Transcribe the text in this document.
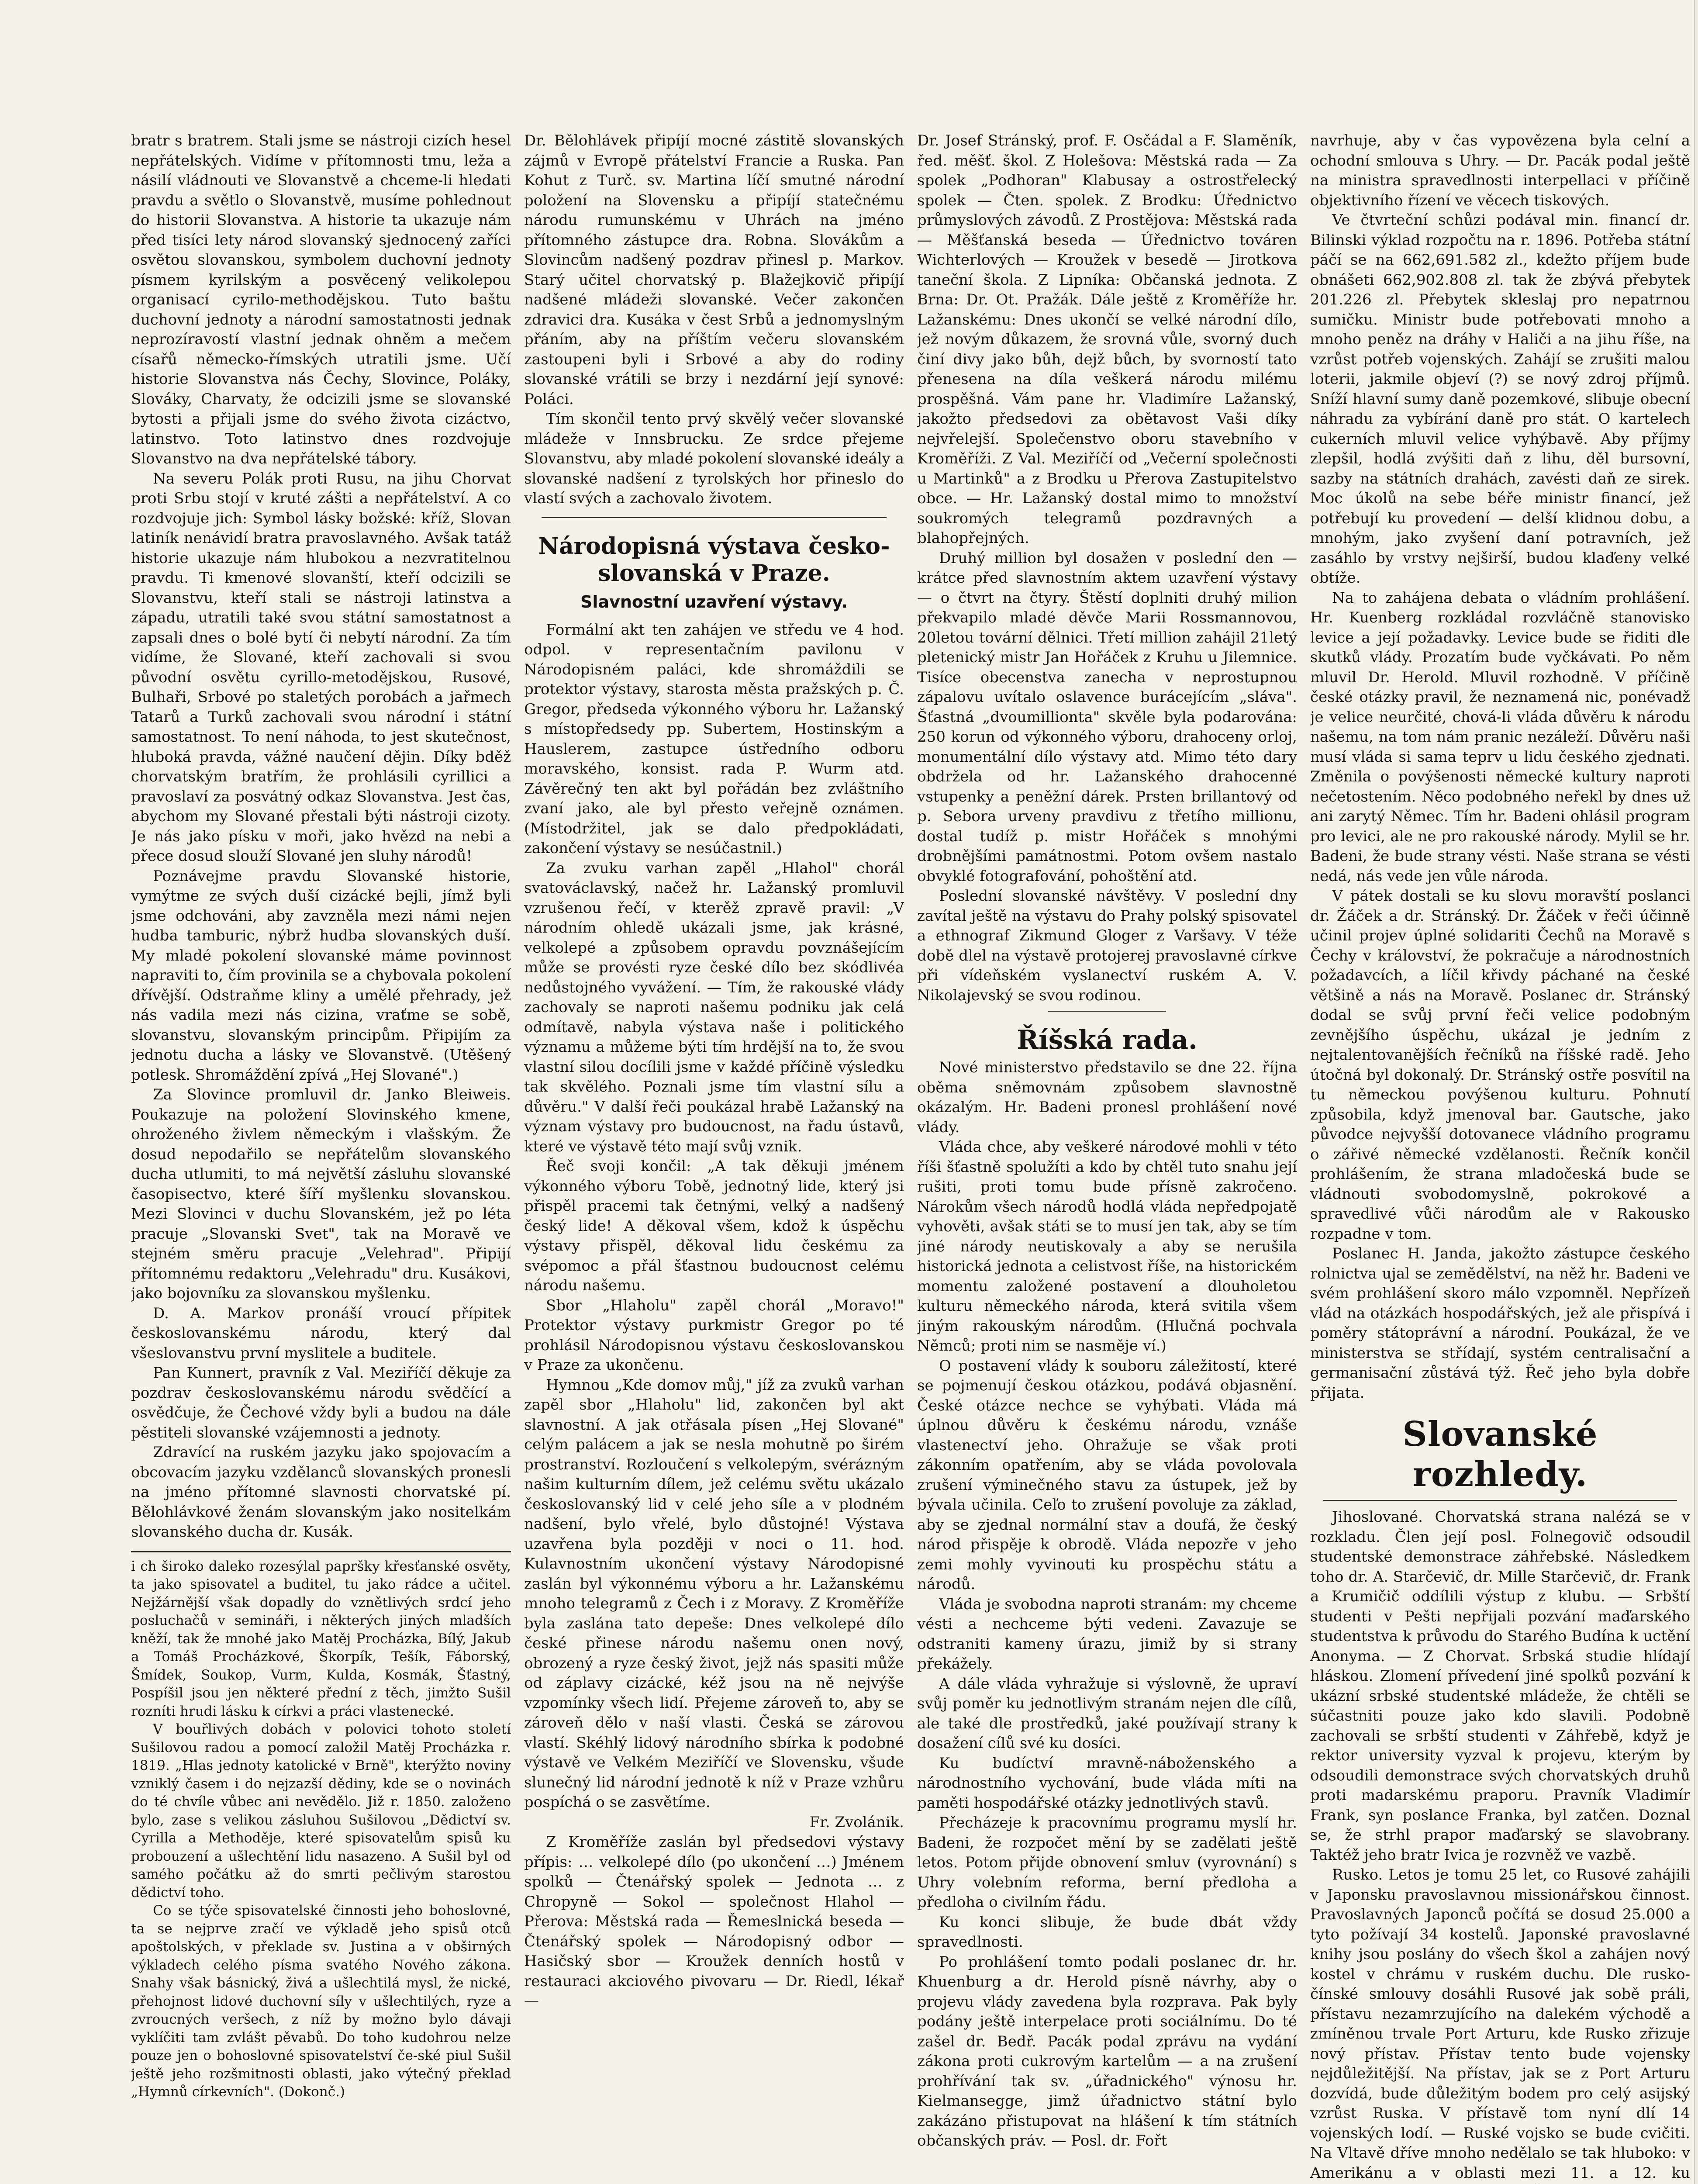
bratr s bratrem. Stali jsme se nástroji cizích hesel nepřátelských. Vidíme v přítomnosti tmu, leža a násilí vládnouti ve Slovanstvě a chceme-li hledati pravdu a světlo o Slovanstvě, musíme pohlednout do historii Slovanstva. A historie ta ukazuje nám před tisíci lety národ slovanský sjednocený zaříci osvětou slovanskou, symbolem duchovní jednoty písmem kyrilským a posvěcený velikolepou organisací cyrilo-methodějskou. Tuto baštu duchovní jednoty a národní samostatnosti jednak neprozíravostí vlastní jednak ohněm a mečem císařů německo-římských utratili jsme. Učí historie Slovanstva nás Čechy, Slovince, Poláky, Slováky, Charvaty, že odcizili jsme se slovanské bytosti a přijali jsme do svého života cizáctvo, latinstvo. Toto latinstvo dnes rozdvojuje Slovanstvo na dva nepřátelské tábory.

Na severu Polák proti Rusu, na jihu Chorvat proti Srbu stojí v kruté zášti a nepřátelství. A co rozdvojuje jich: Symbol lásky božské: kříž, Slovan latiník nenávidí bratra pravoslavného. Avšak tatáž historie ukazuje nám hlubokou a nezvratitelnou pravdu. Ti kmenové slovanští, kteří odcizili se Slovanstvu, kteří stali se nástroji latinstva a západu, utratili také svou státní samostatnost a zapsali dnes o bolé bytí či nebytí národní. Za tím vidíme, že Slované, kteří zachovali si svou původní osvětu cyrillo-metodějskou, Rusové, Bulhaři, Srbové po staletých porobách a jařmech Tatarů a Turků zachovali svou národní i státní samostatnost. To není náhoda, to jest skutečnost, hluboká pravda, vážné naučení dějin. Díky bděž chorvatským bratřím, že prohlásili cyrillici a pravoslaví za posvátný odkaz Slovanstva. Jest čas, abychom my Slované přestali býti nástroji cizoty. Je nás jako písku v moři, jako hvězd na nebi a přece dosud slouží Slované jen sluhy národů!

Poznávejme pravdu Slovanské historie, vymýtme ze svých duší cizácké bejli, jímž byli jsme odchováni, aby zavzněla mezi námi nejen hudba tamburic, nýbrž hudba slovanských duší. My mladé pokolení slovanské máme povinnost napraviti to, čím provinila se a chybovala pokolení dřívější. Odstraňme kliny a umělé přehrady, jež nás vadila mezi nás cizina, vraťme se sobě, slovanstvu, slovanským principům. Připijím za jednotu ducha a lásky ve Slovanstvě. (Utěšený potlesk. Shromáždění zpívá „Hej Slované".)

Za Slovince promluvil dr. Janko Bleiweis. Poukazuje na položení Slovinského kmene, ohroženého živlem německým i vlašským. Že dosud nepodařilo se nepřátelům slovanského ducha utlumiti, to má největší zásluhu slovanské časopisectvo, které šíří myšlenku slovanskou. Mezi Slovinci v duchu Slovanském, jež po léta pracuje „Slovanski Svet", tak na Moravě ve stejném směru pracuje „Velehrad". Připijí přítomnému redaktoru „Velehradu" dru. Kusákovi, jako bojovníku za slovanskou myšlenku.

D. A. Markov pronáší vroucí přípitek českoslovanskému národu, který dal všeslovanstvu první myslitele a buditele.

Pan Kunnert, pravník z Val. Meziříčí děkuje za pozdrav českoslovanskému národu svědčící a osvědčuje, že Čechové vždy byli a budou na dále pěstiteli slovanské vzájemnosti a jednoty.

Zdravící na ruském jazyku jako spojovacím a obcovacím jazyku vzdělanců slovanských pronesli na jméno přítomné slavnosti chorvatské pí. Bělohlávkové ženám slovanským jako nositelkám slovanského ducha dr. Kusák.

i ch široko daleko rozesýlal papršky křesťanské osvěty, ta jako spisovatel a buditel, tu jako rádce a učitel. Nejžárnější však dopadly do vznětlivých srdcí jeho posluchačů v semináři, i některých jiných mladších kněží, tak že mnohé jako Matěj Procházka, Bílý, Jakub a Tomáš Procházkové, Škorpík, Tešík, Fáborský, Šmídek, Soukop, Vurm, Kulda, Kosmák, Šťastný, Pospíšil jsou jen některé přední z těch, jimžto Sušil rozníti hrudi lásku k církvi a práci vlastenecké.

V bouřlivých dobách v polovici tohoto století Sušilovou radou a pomocí založil Matěj Procházka r. 1819. „Hlas jednoty katolické v Brně", kterýžto noviny vzniklý časem i do nejzazší dědiny, kde se o novinách do té chvíle vůbec ani nevědělo. Již r. 1850. založeno bylo, zase s velikou zásluhou Sušilovou „Dědictví sv. Cyrilla a Methoděje, které spisovatelům spisů ku probouzení a ušlechtění lidu nasazeno. A Sušil byl od samého počátku až do smrti pečlivým starostou dědictví toho.

Co se týče spisovatelské činnosti jeho bohoslovné, ta se nejprve zračí ve výkladě jeho spisů otců apoštolských, v překlade sv. Justina a v obširných výkladech celého písma svatého Nového zákona. Snahy však básnický, živá a ušlechtilá mysl, že nické, přehojnost lidové duchovní síly v ušlechtilých, ryze a zvroucných veršech, z níž by možno bylo dávaji vyklíčiti tam zvlášt pěvabů. Do toho kudohrou nelze pouze jen o bohoslovné spisovatelství če-ské piul Sušil ještě jeho rozšmitnosti oblasti, jako výtečný překlad „Hymnů církevních". (Dokonč.)

Dr. Bělohlávek připíjí mocné zástitě slovanských zájmů v Evropě přátelství Francie a Ruska. Pan Kohut z Turč. sv. Martina líčí smutné národní položení na Slovensku a připíjí statečnému národu rumunskému v Uhrách na jméno přítomného zástupce dra. Robna. Slovákům a Slovincům nadšený pozdrav přinesl p. Markov. Starý učitel chorvatský p. Blažejkovič připíjí nadšené mládeži slovanské. Večer zakončen zdravici dra. Kusáka v čest Srbů a jednomyslným přáním, aby na příštím večeru slovanském zastoupeni byli i Srbové a aby do rodiny slovanské vrátili se brzy i nezdární její synové: Poláci.

Tím skončil tento prvý skvělý večer slovanské mládeže v Innsbrucku. Ze srdce přejeme Slovanstvu, aby mladé pokolení slovanské ideály a slovanské nadšení z tyrolských hor přineslo do vlastí svých a zachovalo životem.

Národopisná výstava česko-slovanská v Praze.
Slavnostní uzavření výstavy.

Formální akt ten zahájen ve středu ve 4 hod. odpol. v representačním pavilonu v Národopisném paláci, kde shromáždili se protektor výstavy, starosta města pražských p. Č. Gregor, předseda výkonného výboru hr. Lažanský s místopředsedy pp. Subertem, Hostinským a Hauslerem, zastupce ústředního odboru moravského, konsist. rada P. Wurm atd. Závěrečný ten akt byl pořádán bez zvláštního zvaní jako, ale byl přesto veřejně oznámen. (Místodržitel, jak se dalo předpokládati, zakončení výstavy se nesúčastnil.)

Za zvuku varhan zapěl „Hlahol" chorál svatováclavský, načež hr. Lažanský promluvil vzrušenou řečí, v kterěž zpravě pravil: „V národním ohledě ukázali jsme, jak krásné, velkolepé a způsobem opravdu povznášejícím může se provésti ryze české dílo bez skódlivéa nedůstojného vyvážení. — Tím, že rakouské vlády zachovaly se naproti našemu podniku jak celá odmítavě, nabyla výstava naše i politického významu a můžeme býti tím hrdější na to, že svou vlastní silou docílili jsme v každé příčině výsledku tak skvělého. Poznali jsme tím vlastní sílu a důvěru." V další řeči poukázal hrabě Lažanský na význam výstavy pro budoucnost, na řadu ústavů, které ve výstavě této mají svůj vznik.

Řeč svoji končil: „A tak děkuji jménem výkonného výboru Tobě, jednotný lide, který jsi přispěl pracemi tak četnými, velký a nadšený český lide! A děkoval všem, kdož k úspěchu výstavy přispěl, děkoval lidu českému za svépomoc a přál šťastnou budoucnost celému národu našemu.

Sbor „Hlaholu" zapěl chorál „Moravo!" Protektor výstavy purkmistr Gregor po té prohlásil Národopisnou výstavu českoslovanskou v Praze za ukončenu.

Hymnou „Kde domov můj," jíž za zvuků varhan zapěl sbor „Hlaholu" lid, zakončen byl akt slavnostní. A jak otřásala písen „Hej Slované" celým palácem a jak se nesla mohutně po širém prostranství. Rozloučení s velkolepým, svérázným našim kulturním dílem, jež celému světu ukázalo českoslovanský lid v celé jeho síle a v plodném nadšení, bylo vřelé, bylo důstojné! Výstava uzavřena byla později v noci o 11. hod. Kulavnostním ukončení výstavy Národopisné zaslán byl výkonnému výboru a hr. Lažanskému mnoho telegramů z Čech i z Moravy. Z Kroměříže byla zaslána tato depeše: Dnes velkolepé dílo české přinese národu našemu onen nový, obrozený a ryze český život, jejž nás spasiti může od záplavy cizácké, kéž jsou na ně nejvýše vzpomínky všech lidí. Přejeme zároveň to, aby se zároveň dělo v naší vlasti. Česká se zárovou vlastí. Skéhlý lidový národního sbírka k podobné výstavě ve Velkém Meziříčí ve Slovensku, všude slunečný lid národní jednotě k níž v Praze vzhůru pospíchá o se zasvětíme.

Fr. Zvolánik.

Z Kroměříže zaslán byl předsedovi výstavy přípis: … velkolepé dílo (po ukončení …) Jménem spolků — Čtenářský spolek — Jednota … z Chropyně — Sokol — společnost Hlahol — Přerova: Městská rada — Řemeslnická beseda — Čtenářský spolek — Národopisný odbor — Hasičský sbor — Kroužek denních hostů v restauraci akciového pivovaru — Dr. Riedl, lékař —

Dr. Josef Stránský, prof. F. Osčádal a F. Slaměník, řed. měšť. škol. Z Holešova: Městská rada — Za spolek „Podhoran" Klabusay a ostrostřelecký spolek — Čten. spolek. Z Brodku: Úřednictvo průmyslových závodů. Z Prostějova: Městská rada — Měšťanská beseda — Úřednictvo továren Wichterlových — Kroužek v besedě — Jirotkova taneční škola. Z Lipníka: Občanská jednota. Z Brna: Dr. Ot. Pražák. Dále ještě z Kroměříže hr. Lažanskému: Dnes ukončí se velké národní dílo, jež novým důkazem, že srovná vůle, svorný duch činí divy jako bůh, dejž bůch, by svorností tato přenesena na díla veškerá národu milému prospěšná. Vám pane hr. Vladimíre Lažanský, jakožto předsedovi za obětavost Vaši díky nejvřelejší. Společenstvo oboru stavebního v Kroměříži. Z Val. Meziříčí od „Večerní společnosti u Martinků" a z Brodku u Přerova Zastupitelstvo obce. — Hr. Lažanský dostal mimo to množství soukromých telegramů pozdravných a blahopřejných.

Druhý million byl dosažen v poslední den — krátce před slavnostním aktem uzavření výstavy — o čtvrt na čtyry. Štěstí doplniti druhý milion překvapilo mladé děvče Marii Rossmannovou, 20letou tovární dělnici. Třetí million zahájil 21letý pletenický mistr Jan Hořáček z Kruhu u Jilemnice. Tisíce obecenstva zanecha v neprostupnou zápalovu uvítalo oslavence burácejícím „sláva". Šťastná „dvoumillionta" skvěle byla podarována: 250 korun od výkonného výboru, drahoceny orloj, monumentální dílo výstavy atd. Mimo této dary obdržela od hr. Lažanského drahocenné vstupenky a peněžní dárek. Prsten brillantový od p. Sebora urveny pravdivu z třetího millionu, dostal tudíž p. mistr Hořáček s mnohými drobnějšími památnostmi. Potom ovšem nastalo obvyklé fotografování, pohoštění atd.

Poslední slovanské návštěvy. V poslední dny zavítal ještě na výstavu do Prahy polský spisovatel a ethnograf Zikmund Gloger z Varšavy. V téže době dlel na výstavě protojerej pravoslavné církve při vídeňském vyslanectví ruském A. V. Nikolajevský se svou rodinou.

Říšská rada.

Nové ministerstvo představilo se dne 22. října oběma sněmovnám způsobem slavnostně okázalým. Hr. Badeni pronesl prohlášení nové vlády.

Vláda chce, aby veškeré národové mohli v této říši šťastně spolužíti a kdo by chtěl tuto snahu její rušiti, proti tomu bude přísně zakročeno. Nárokům všech národů hodlá vláda nepředpojatě vyhověti, avšak státi se to musí jen tak, aby se tím jiné národy neutiskovaly a aby se nerušila historická jednota a celistvost říše, na historickém momentu založené postavení a dlouholetou kulturu německého národa, která svitila všem jiným rakouským národům. (Hlučná pochvala Němců; proti nim se nasměje ví.)

O postavení vlády k souboru záležitostí, které se pojmenují českou otázkou, podává objasnění. České otázce nechce se vyhýbati. Vláda má úplnou důvěru k českému národu, vznáše vlastenectví jeho. Ohražuje se však proti zákonním opatřením, aby se vláda povolovala zrušení výminečného stavu za ústupek, jež by bývala učinila. Ceľo to zrušení povoluje za základ, aby se zjednal normální stav a doufá, že český národ přispěje k obrodě. Vláda nepozře v jeho zemi mohly vyvinouti ku prospěchu státu a národů.

Vláda je svobodna naproti stranám: my chceme vésti a nechceme býti vedeni. Zavazuje se odstraniti kameny úrazu, jimiž by si strany překážely.

A dále vláda vyhražuje si výslovně, že upraví svůj poměr ku jednotlivým stranám nejen dle cílů, ale také dle prostředků, jaké používají strany k dosažení cílů své ku dosíci.

Ku budíctví mravně-náboženského a národnostního vychování, bude vláda míti na paměti hospodářské otázky jednotlivých stavů.

Přecházeje k pracovnímu programu myslí hr. Badeni, že rozpočet mění by se zadělati ještě letos. Potom přijde obnovení smluv (vyrovnání) s Uhry volebním reforma, berní předloha a předloha o civilním řádu.

Ku konci slibuje, že bude dbát vždy spravedlnosti.

Po prohlášení tomto podali poslanec dr. hr. Khuenburg a dr. Herold písně návrhy, aby o projevu vlády zavedena byla rozprava. Pak byly podány ještě interpelace proti sociálnímu. Do té zašel dr. Bedř. Pacák podal zprávu na vydání zákona proti cukrovým kartelům — a na zrušení prohřívání tak sv. „úřadnického" výnosu hr. Kielmansegge, jimž úřadnictvo státní bylo zakázáno přistupovat na hlášení k tím státních občanských práv. — Posl. dr. Fořt

navrhuje, aby v čas vypovězena byla celní a ochodní smlouva s Uhry. — Dr. Pacák podal ještě na ministra spravedlnosti interpellaci v příčině objektivního řízení ve věcech tiskových.

Ve čtvrteční schůzi podával min. financí dr. Bilinski výklad rozpočtu na r. 1896. Potřeba státní páčí se na 662,691.582 zl., kdežto příjem bude obnášeti 662,902.808 zl. tak že zbývá přebytek 201.226 zl. Přebytek skleslaj pro nepatrnou sumičku. Ministr bude potřebovati mnoho a mnoho peněz na dráhy v Haliči a na jihu říše, na vzrůst potřeb vojenských. Zahájí se zrušiti malou loterii, jakmile objeví (?) se nový zdroj příjmů. Sníží hlavní sumy daně pozemkové, slibuje obecní náhradu za vybírání daně pro stát. O kartelech cukerních mluvil velice vyhýbavě. Aby příjmy zlepšil, hodlá zvýšiti daň z lihu, děl bursovní, sazby na státních drahách, zavésti daň ze sirek. Moc úkolů na sebe béře ministr financí, jež potřebují ku provedení — delší klidnou dobu, a mnohým, jako zvyšení daní potravních, jež zasáhlo by vrstvy nejširší, budou klaďeny velké obtíže.

Na to zahájena debata o vládním prohlášení. Hr. Kuenberg rozkládal rozvláčně stanovisko levice a její požadavky. Levice bude se řiditi dle skutků vlády. Prozatím bude vyčkávati. Po něm mluvil Dr. Herold. Mluvil rozhodně. V příčině české otázky pravil, že neznamená nic, ponévadž je velice neurčité, chová-li vláda důvěru k národu našemu, na tom nám pranic nezáleží. Důvěru naši musí vláda si sama teprv u lidu českého zjednati. Změnila o povýšenosti německé kultury naproti nečetostením. Něco podobného neřekl by dnes už ani zarytý Němec. Tím hr. Badeni ohlásil program pro levici, ale ne pro rakouské národy. Mylil se hr. Badeni, že bude strany vésti. Naše strana se vésti nedá, nás vede jen vůle národa.

V pátek dostali se ku slovu moravští poslanci dr. Žáček a dr. Stránský. Dr. Žáček v řeči účinně učinil projev úplné solidariti Čechů na Moravě s Čechy v království, že pokračuje a národnostních požadavcích, a líčil křivdy páchané na české většině a nás na Moravě. Poslanec dr. Stránský dodal se svůj první řeči velice podobným zevnějšího úspěchu, ukázal je jedním z nejtalentovanějších řečníků na říšské radě. Jeho útočná byl dokonalý. Dr. Stránský ostře posvítil na tu německou povýšenou kulturu. Pohnutí způsobila, když jmenoval bar. Gautsche, jako původce nejvyšší dotovanece vládního programu o zářivé německé vzdělanosti. Řečník končil prohlášením, že strana mladočeská bude se vládnouti svobodomyslně, pokrokové a spravedlivé vůči národům ale v Rakousko rozpadne v tom.

Poslanec H. Janda, jakožto zástupce českého rolnictva ujal se zemědělství, na něž hr. Badeni ve svém prohlášení skoro málo vzpomněl. Nepřízeň vlád na otázkách hospodářských, jež ale přispívá i poměry státoprávní a národní. Poukázal, že ve ministerstva se střídají, systém centralisační a germanisační zůstává týž. Řeč jeho byla dobře přijata.

Slovanské rozhledy.

Jihoslované. Chorvatská strana nalézá se v rozkladu. Člen její posl. Folnegovič odsoudil studentské demonstrace záhřebské. Následkem toho dr. A. Starčevič, dr. Mille Starčevič, dr. Frank a Krumičič oddílili výstup z klubu. — Srbští studenti v Pešti nepřijali pozvání maďarského studentstva k průvodu do Starého Budína k uctění Anonyma. — Z Chorvat. Srbská studie hlídají hláskou. Zlomení přívedení jiné spolků pozvání k ukázní srbské studentské mládeže, že chtěli se súčastniti pouze jako kdo slavili. Podobně zachovali se srbští studenti v Záhřebě, když je rektor university vyzval k projevu, kterým by odsoudili demonstrace svých chorvatských druhů proti madarskému praporu. Pravník Vladimír Frank, syn poslance Franka, byl zatčen. Doznal se, že strhl prapor maďarský se slavobrany. Taktéž jeho bratr Ivica je rozvněž ve vazbě.

Rusko. Letos je tomu 25 let, co Rusové zahájili v Japonsku pravoslavnou missionářskou činnost. Pravoslavných Japonců počítá se dosud 25.000 a tyto požívají 34 kostelů. Japonské pravoslavné knihy jsou poslány do všech škol a zahájen nový kostel v chrámu v ruském duchu. Dle rusko-čínské smlouvy dosáhli Rusové jak sobě práli, přístavu nezamrzujícího na dalekém východě a zmíněnou trvale Port Arturu, kde Rusko zřizuje nový přístav. Přístav tento bude vojensky nejdůležitější. Na přístav, jak se z Port Arturu dozvídá, bude důležitým bodem pro celý asijský vzrůst Ruska. V přístavě tom nyní dlí 14 vojenských lodí. — Ruské vojsko se bude cvičiti. Na Vltavě dříve mnoho nedělalo se tak hluboko: v Amerikánu a v oblasti mezi 11. a 12. ku
